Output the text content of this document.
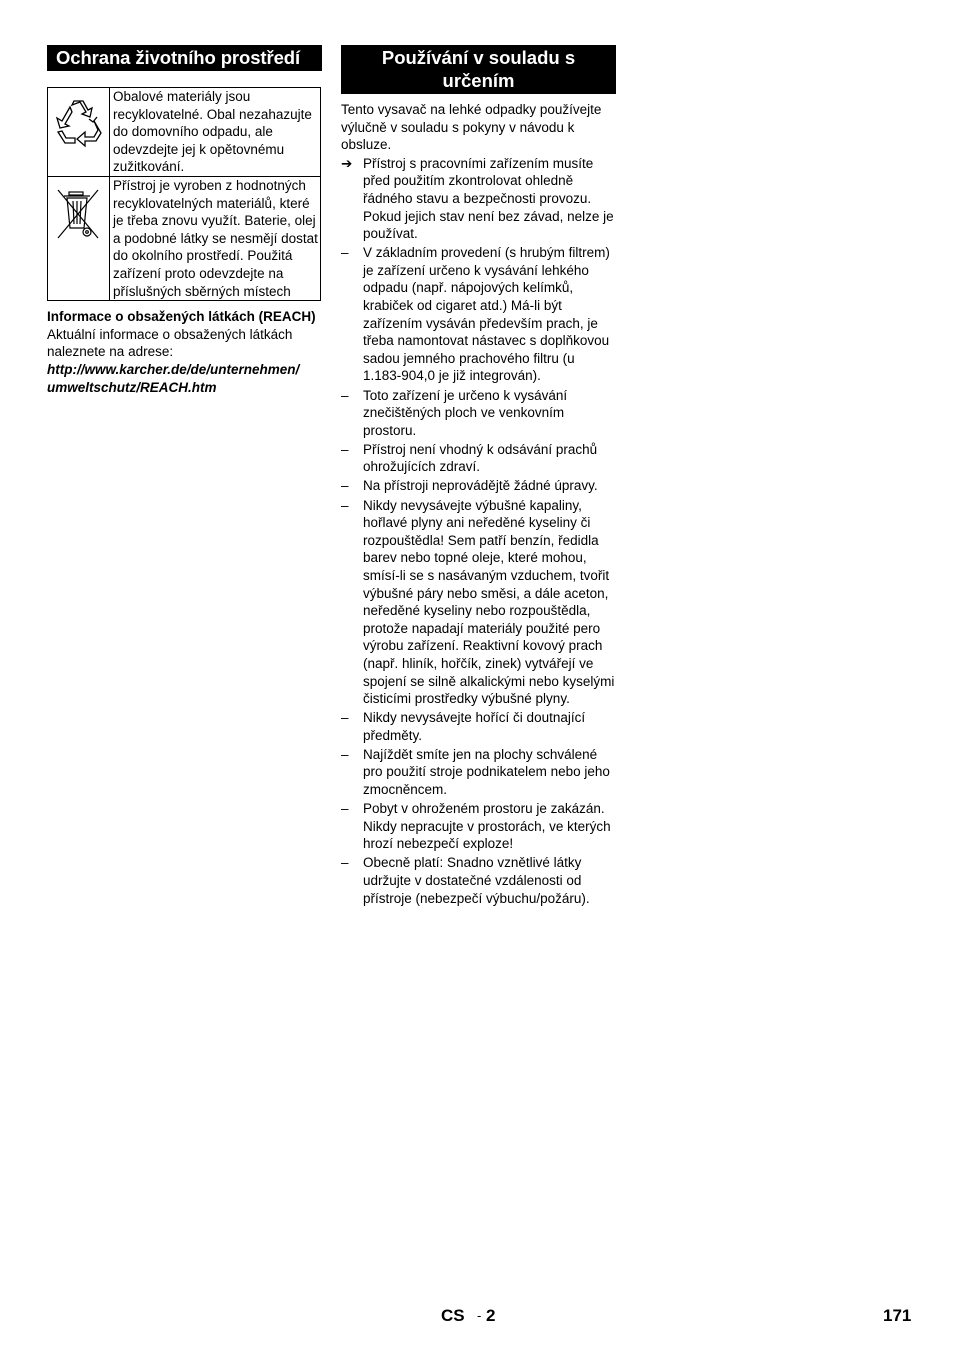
Ochrana životního prostředí
	Obalové materiály jsou recyklovatelné. Obal nezahazujte do domovního odpadu, ale odevzdejte jej k opětovnému zužitkování.

	Přístroj je vyroben z hodnotných recyklovatelných materiálů, které je třeba znovu využít. Baterie, olej a podobné látky se nesmějí dostat do okolního prostředí. Použitá zařízení proto odevzdejte na příslušných sběrných místech

Informace o obsažených látkách (REACH)

Aktuální informace o obsažených látkách naleznete na adrese:

http://www.karcher.de/de/unternehmen/

umweltschutz/REACH.htm

Používání v souladu s určením

Tento vysavač na lehké odpadky používejte výlučně v souladu s pokyny v návodu k obsluze.

➔ Přístroj s pracovními zařízením musíte před použitím zkontrolovat ohledně řádného stavu a bezpečnosti provozu. Pokud jejich stav není bez závad, nelze je používat.
–	V základním provedení (s hrubým filtrem) je zařízení určeno k vysávání lehkého odpadu (např. nápojových kelímků, krabiček od cigaret atd.) Má-li být zařízením vysáván především prach, je třeba namontovat nástavec s doplňkovou sadou jemného prachového filtru (u 1.183-904,0 je již integrován).
–	Toto zařízení je určeno k vysávání znečištěných ploch ve venkovním prostoru.
–	Přístroj není vhodný k odsávání prachů ohrožujících zdraví.
–	Na přístroji neprovádějtě žádné úpravy.
–	Nikdy nevysávejte výbušné kapaliny, hořlavé plyny ani neředěné kyseliny či rozpouštědla! Sem patří benzín, ředidla barev nebo topné oleje, které mohou, smísí-li se s nasávaným vzduchem, tvořit výbušné páry nebo směsi, a dále aceton, neředěné kyseliny nebo rozpouštědla, protože napadají materiály použité pero výrobu zařízení. Reaktivní kovový prach (např. hliník, hořčík, zinek) vytvářejí ve spojení se silně alkalickými nebo kyselými čisticími prostředky výbušné plyny.
–	Nikdy nevysávejte hořící či doutnající předměty.
–	Najíždět smíte jen na plochy schválené pro použití stroje podnikatelem nebo jeho zmocněncem.
–	Pobyt v ohroženém prostoru je zakázán. Nikdy nepracujte v prostorách, ve kterých hrozí nebezpečí exploze!
–	Obecně platí: Snadno vznětlivé látky udržujte v dostatečné vzdálenosti od přístroje (nebezpečí výbuchu/požáru).
CS - 2	171
